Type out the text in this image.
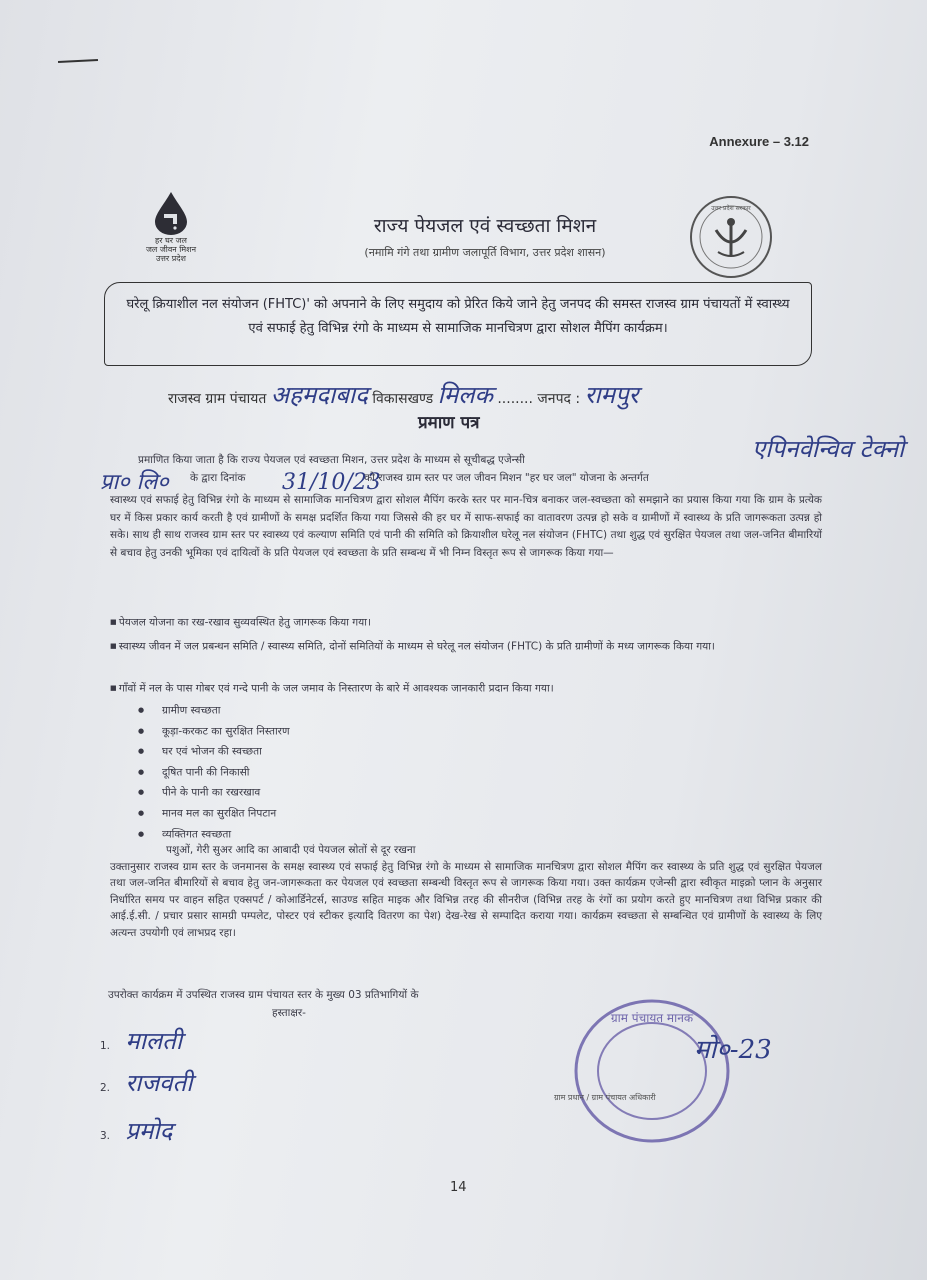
Annexure – 3.12
हर घर जल
जल जीवन मिशन
उत्तर प्रदेश
उत्तर प्रदेश सरकार
राज्य पेयजल एवं स्वच्छता मिशन
(नमामि गंगे तथा ग्रामीण जलापूर्ति विभाग, उत्तर प्रदेश शासन)
घरेलू क्रियाशील नल संयोजन (FHTC)' को अपनाने के लिए समुदाय को प्रेरित किये जाने हेतु जनपद की समस्त राजस्व ग्राम पंचायतों में स्वास्थ्य एवं सफाई हेतु विभिन्न रंगो के माध्यम से सामाजिक मानचित्रण द्वारा सोशल मैपिंग कार्यक्रम।
राजस्व ग्राम पंचायत अहमदाबाद विकासखण्ड मिलक ........ जनपद : रामपुर
प्रमाण पत्र
एपिनवेन्विव टेक्नो
प्रा० लि०	31/10/23

प्रमाणित किया जाता है कि राज्य पेयजल एवं स्वच्छता मिशन, उत्तर प्रदेश के माध्यम से सूचीबद्ध एजेन्सी

के द्वारा दिनांक	को राजस्व ग्राम स्तर पर जल जीवन मिशन "हर घर जल" योजना के अन्तर्गत

स्वास्थ्य एवं सफाई हेतु विभिन्न रंगो के माध्यम से सामाजिक मानचित्रण द्वारा सोशल मैपिंग करके स्तर पर मान-चित्र बनाकर जल-स्वच्छता को समझाने का प्रयास किया गया कि ग्राम के प्रत्येक घर में किस प्रकार कार्य करती है एवं ग्रामीणों के समक्ष प्रदर्शित किया गया जिससे की हर घर में साफ-सफाई का वातावरण उत्पन्न हो सके व ग्रामीणों में स्वास्थ्य के प्रति जागरूकता उत्पन्न हो सके। साथ ही साथ राजस्व ग्राम स्तर पर स्वास्थ्य एवं कल्याण समिति एवं पानी की समिति को क्रियाशील घरेलू नल संयोजन (FHTC) तथा शुद्ध एवं सुरक्षित पेयजल तथा जल-जनित बीमारियों से बचाव हेतु उनकी भूमिका एवं दायित्वों के प्रति पेयजल एवं स्वच्छता के प्रति सम्बन्ध में भी निम्न विस्तृत रूप से जागरूक किया गया—
■ पेयजल योजना का रख-रखाव सुव्यवस्थित हेतु जागरूक किया गया।
■ स्वास्थ्य जीवन में जल प्रबन्धन समिति / स्वास्थ्य समिति, दोनों समितियों के माध्यम से घरेलू नल संयोजन (FHTC) के प्रति ग्रामीणों के मध्य जागरूक किया गया।
■ गाँवों में नल के पास गोबर एवं गन्दे पानी के जल जमाव के निस्तारण के बारे में आवश्यक जानकारी प्रदान किया गया।
● ग्रामीण स्वच्छता
● कूड़ा-करकट का सुरक्षित निस्तारण
● घर एवं भोजन की स्वच्छता
● दूषित पानी की निकासी
● पीने के पानी का रखरखाव
● मानव मल का सुरक्षित निपटान
● व्यक्तिगत स्वच्छता

पशुओं, गेरी सुअर आदि का आबादी एवं पेयजल स्रोतों से दूर रखना

उक्तानुसार राजस्व ग्राम स्तर के जनमानस के समक्ष स्वास्थ्य एवं सफाई हेतु विभिन्न रंगो के माध्यम से सामाजिक मानचित्रण द्वारा सोशल मैपिंग कर स्वास्थ्य के प्रति शुद्ध एवं सुरक्षित पेयजल तथा जल-जनित बीमारियों से बचाव हेतु जन-जागरूकता कर पेयजल एवं स्वच्छता सम्बन्धी विस्तृत रूप से जागरूक किया गया। उक्त कार्यक्रम एजेन्सी द्वारा स्वीकृत माइक्रो प्लान के अनुसार निर्धारित समय पर वाहन सहित एक्सपर्ट / कोआर्डिनेटर्स, साउण्ड सहित माइक और विभिन्न तरह की सीनरीज (विभिन्न तरह के रंगों का प्रयोग करते हुए मानचित्रण तथा विभिन्न प्रकार की आई.ई.सी. / प्रचार प्रसार सामग्री पम्पलेट, पोस्टर एवं स्टीकर इत्यादि वितरण का पेश) देख-रेख से सम्पादित कराया गया। कार्यक्रम स्वच्छता से सम्बन्धित एवं ग्रामीणों के स्वास्थ्य के लिए अत्यन्त उपयोगी एवं लाभप्रद रहा।

उपरोक्त कार्यक्रम में उपस्थित राजस्व ग्राम पंचायत स्तर के मुख्य 03 प्रतिभागियों के
हस्ताक्षर-
1. मालती
2. राजवती
3. प्रमोद
ग्राम पंचायत मानक
मो०-23
ग्राम प्रधान / ग्राम पंचायत अधिकारी
14
